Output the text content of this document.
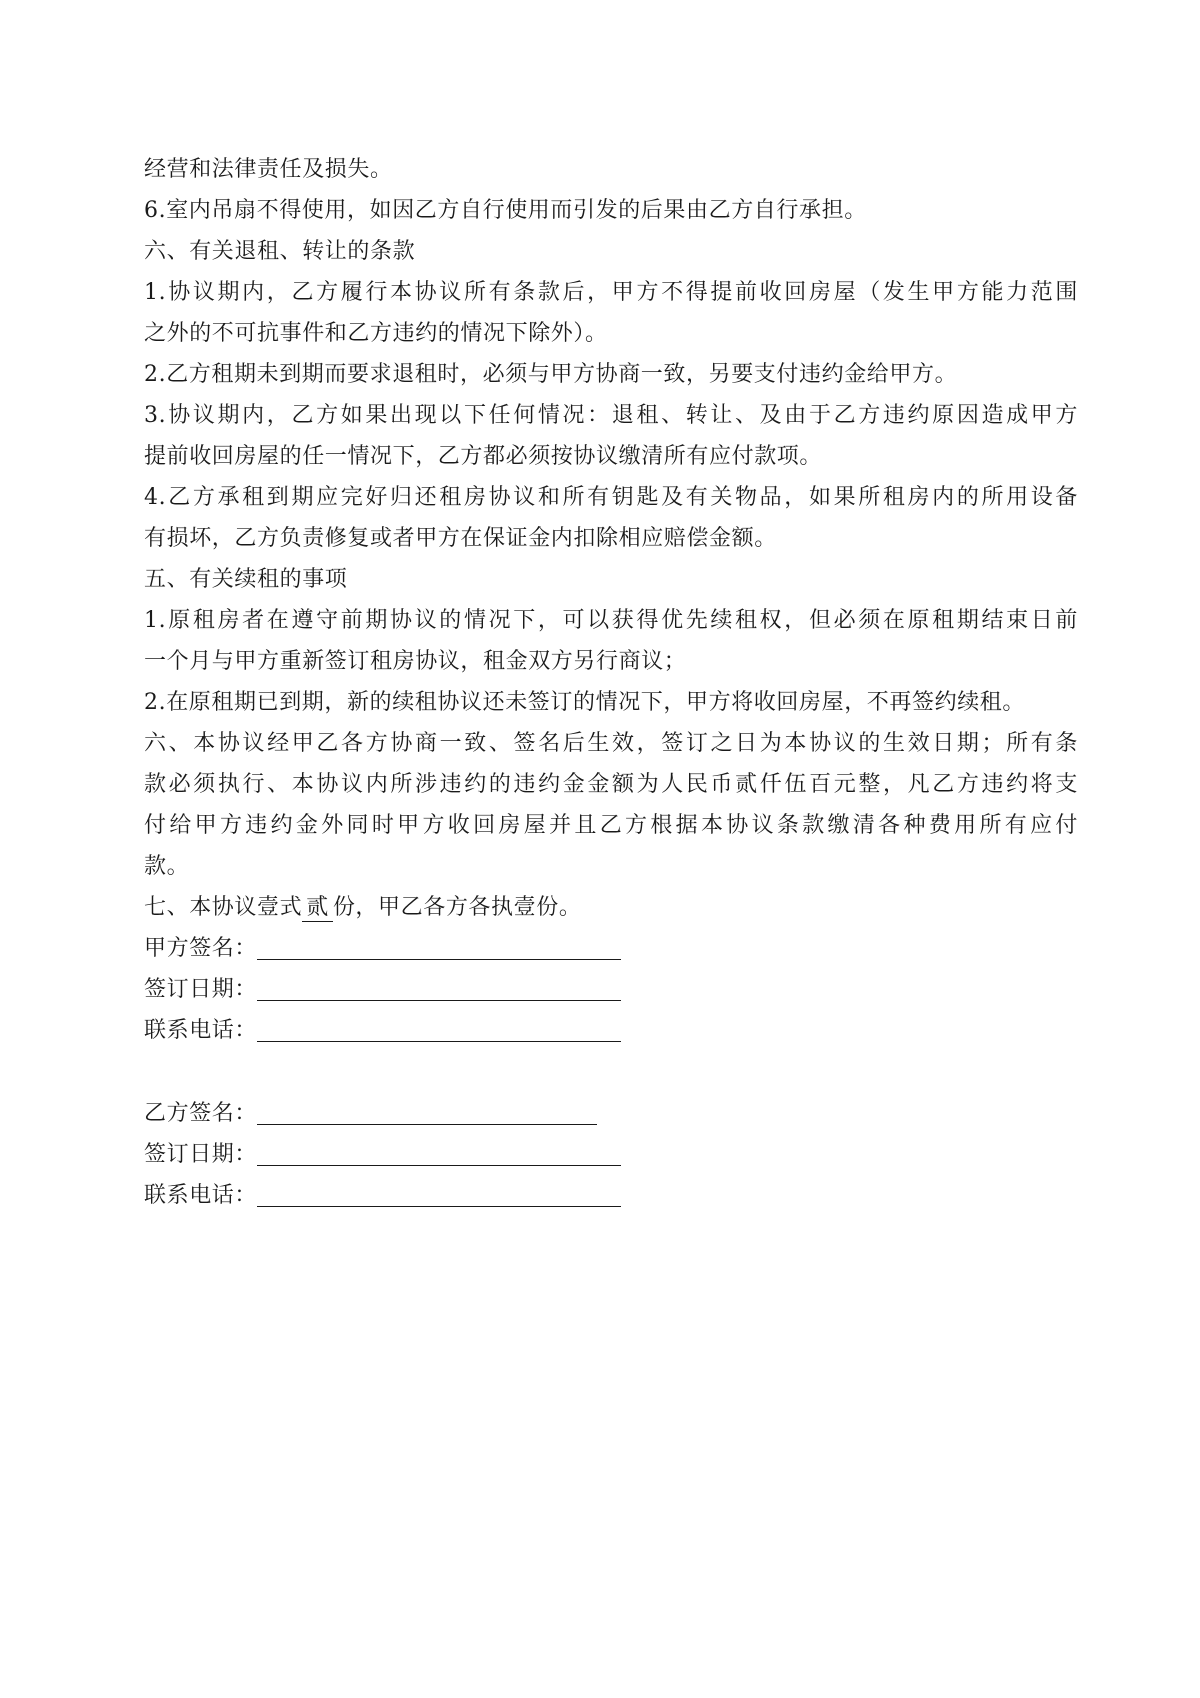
经营和法律责任及损失。
6.室内吊扇不得使用，如因乙方自行使用而引发的后果由乙方自行承担。
六、有关退租、转让的条款
1.协议期内，乙方履行本协议所有条款后，甲方不得提前收回房屋（发生甲方能力范围
之外的不可抗事件和乙方违约的情况下除外）。
2.乙方租期未到期而要求退租时，必须与甲方协商一致，另要支付违约金给甲方。
3.协议期内，乙方如果出现以下任何情况：退租、转让、及由于乙方违约原因造成甲方
提前收回房屋的任一情况下，乙方都必须按协议缴清所有应付款项。
4.乙方承租到期应完好归还租房协议和所有钥匙及有关物品，如果所租房内的所用设备
有损坏，乙方负责修复或者甲方在保证金内扣除相应赔偿金额。
五、有关续租的事项
1.原租房者在遵守前期协议的情况下，可以获得优先续租权，但必须在原租期结束日前
一个月与甲方重新签订租房协议，租金双方另行商议；
2.在原租期已到期，新的续租协议还未签订的情况下，甲方将收回房屋，不再签约续租。
六、本协议经甲乙各方协商一致、签名后生效，签订之日为本协议的生效日期；所有条
款必须执行、本协议内所涉违约的违约金金额为人民币贰仟伍百元整，凡乙方违约将支
付给甲方违约金外同时甲方收回房屋并且乙方根据本协议条款缴清各种费用所有应付
款。
七、本协议壹式 贰 份，甲乙各方各执壹份。
甲方签名：
签订日期：
联系电话：
乙方签名：
签订日期：
联系电话：
